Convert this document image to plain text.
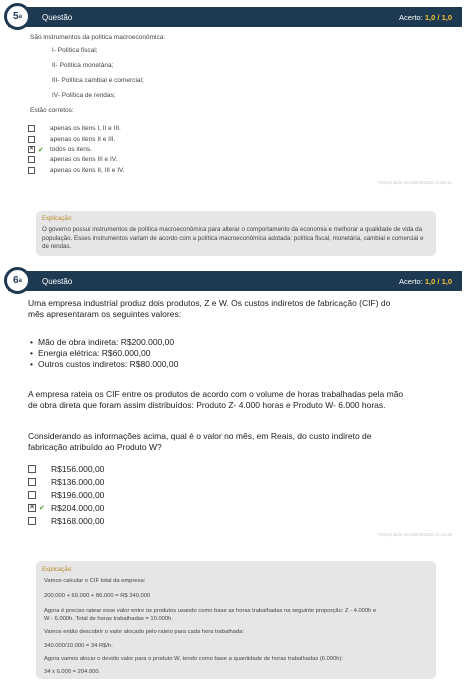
Questão	Acerto: 1,0 / 1,0
5 a
São instrumentos da política macroeconômica:
I- Política fiscal;
II- Política monetária;
III- Política cambial e comercial;
IV- Política de rendas;
Estão corretos:
apenas os itens I, II e III.
apenas os itens II e III.
✕ ✔ todos os itens.
apenas os itens III e IV.
apenas os itens II, III e IV.
Respondido em 30/03/2022 11:08:41
Explicação:
O governo possui instrumentos de política macroeconômica para alterar o comportamento da economia e melhorar a qualidade de vida da população. Esses instrumentos variam de acordo com a política macroeconômica adotada: política fiscal, monetária, cambial e comercial e de rendas.
Questão	Acerto: 1,0 / 1,0
6 a
Uma empresa industrial produz dois produtos, Z e W. Os custos indiretos de fabricação (CIF) do
mês apresentaram os seguintes valores:
• Mão de obra indireta: R$200.000,00
• Energia elétrica: R$60.000,00
• Outros custos indiretos: R$80.000,00
A empresa rateia os CIF entre os produtos de acordo com o volume de horas trabalhadas pela mão
de obra direta que foram assim distribuídos: Produto Z- 4.000 horas e Produto W- 6.000 horas.
Considerando as informações acima, qual é o valor no mês, em Reais, do custo indireto de
fabricação atribuído ao Produto W?
R$156.000,00
R$136.000,00
R$196.000,00
✕ ✔ R$204.000,00
R$168.000,00
Respondido em 30/03/2022 11:18:38
Explicação:
Vamos calcular o CIF total da empresa:
200.000 + 60.000 + 80.000 = R$ 340.000
Agora é preciso ratear esse valor entre os produtos usando como base as horas trabalhadas na seguinte proporção: Z - 4.000h e
W - 6.000h. Total de horas trabalhadas = 10.000h.
Vamos então descobrir o valor alocado pelo rateio para cada hora trabalhada:
340.000/10.000 = 34 R$/h.
Agora vamos alocar o devido valor para o produto W, tendo como base a quantidade de horas trabalhadas (6.000h):
34 x 6.000 = 204.000.
